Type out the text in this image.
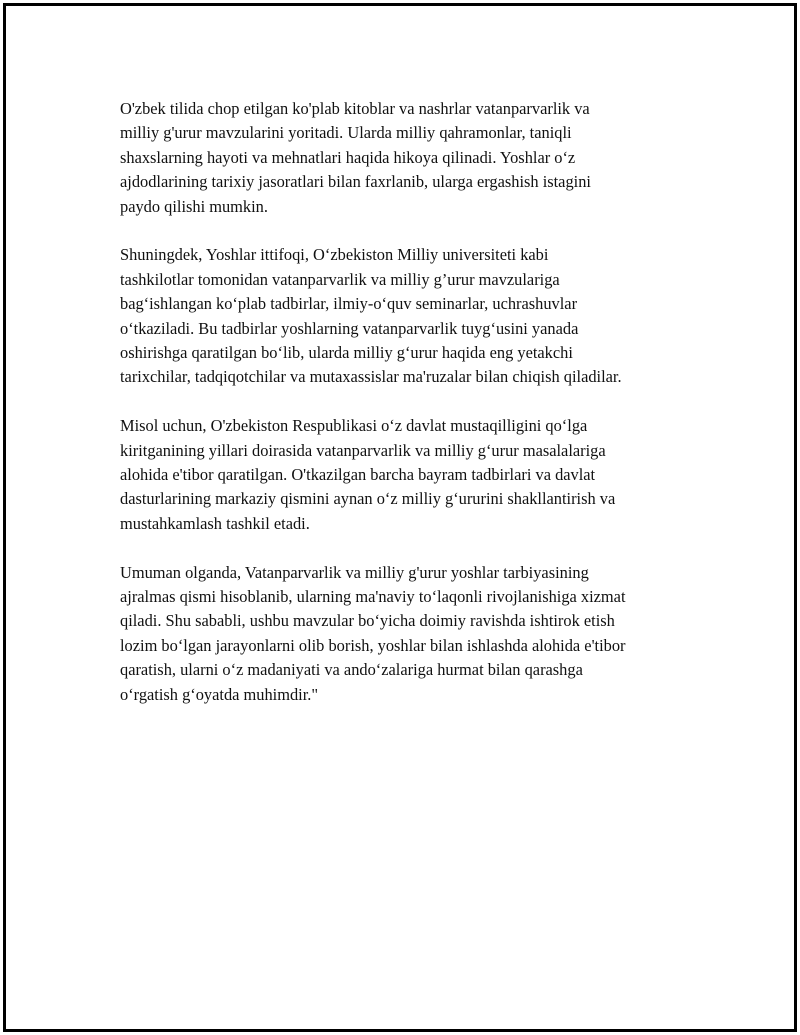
O'zbek tilida chop etilgan ko'plab kitoblar va nashrlar vatanparvarlik va
milliy g'urur mavzularini yoritadi. Ularda milliy qahramonlar, taniqli
shaxslarning hayoti va mehnatlari haqida hikoya qilinadi. Yoshlar o‘z
ajdodlarining tarixiy jasoratlari bilan faxrlanib, ularga ergashish istagini
paydo qilishi mumkin.

Shuningdek, Yoshlar ittifoqi, O‘zbekiston Milliy universiteti kabi
tashkilotlar tomonidan vatanparvarlik va milliy g’urur mavzulariga
bag‘ishlangan ko‘plab tadbirlar, ilmiy-o‘quv seminarlar, uchrashuvlar
o‘tkaziladi. Bu tadbirlar yoshlarning vatanparvarlik tuyg‘usini yanada
oshirishga qaratilgan bo‘lib, ularda milliy g‘urur haqida eng yetakchi
tarixchilar, tadqiqotchilar va mutaxassislar ma'ruzalar bilan chiqish qiladilar.

Misol uchun, O'zbekiston Respublikasi o‘z davlat mustaqilligini qo‘lga
kiritganining yillari doirasida vatanparvarlik va milliy g‘urur masalalariga
alohida e'tibor qaratilgan. O'tkazilgan barcha bayram tadbirlari va davlat
dasturlarining markaziy qismini aynan o‘z milliy g‘ururini shakllantirish va
mustahkamlash tashkil etadi.

Umuman olganda, Vatanparvarlik va milliy g'urur yoshlar tarbiyasining
ajralmas qismi hisoblanib, ularning ma'naviy to‘laqonli rivojlanishiga xizmat
qiladi. Shu sababli, ushbu mavzular bo‘yicha doimiy ravishda ishtirok etish
lozim bo‘lgan jarayonlarni olib borish, yoshlar bilan ishlashda alohida e'tibor
qaratish, ularni o‘z madaniyati va ando‘zalariga hurmat bilan qarashga
o‘rgatish g‘oyatda muhimdir."
